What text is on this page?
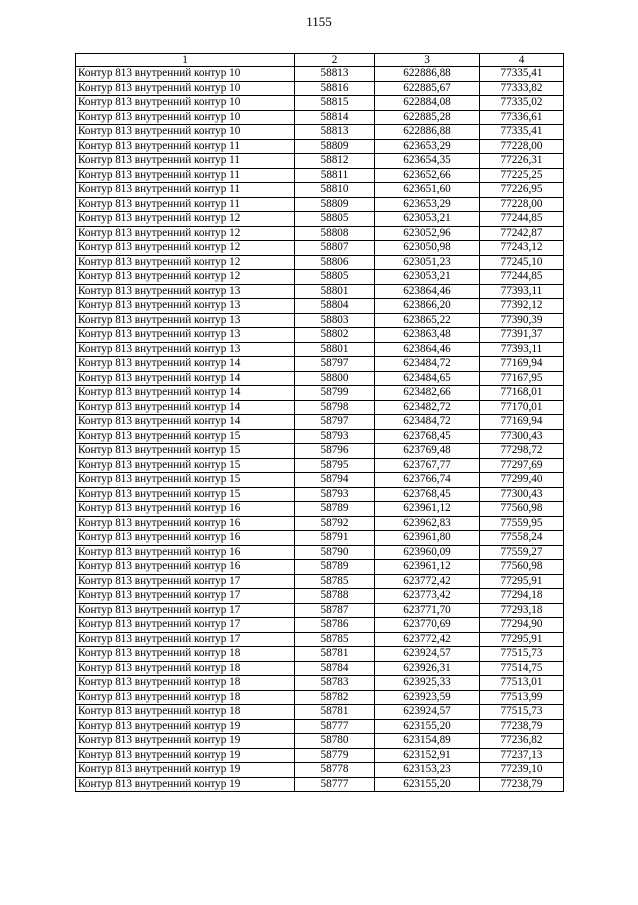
1155
1	2	3	4
Контур 813 внутренний контур 10	58813	622886,88	77335,41
Контур 813 внутренний контур 10	58816	622885,67	77333,82
Контур 813 внутренний контур 10	58815	622884,08	77335,02
Контур 813 внутренний контур 10	58814	622885,28	77336,61
Контур 813 внутренний контур 10	58813	622886,88	77335,41
Контур 813 внутренний контур 11	58809	623653,29	77228,00
Контур 813 внутренний контур 11	58812	623654,35	77226,31
Контур 813 внутренний контур 11	58811	623652,66	77225,25
Контур 813 внутренний контур 11	58810	623651,60	77226,95
Контур 813 внутренний контур 11	58809	623653,29	77228,00
Контур 813 внутренний контур 12	58805	623053,21	77244,85
Контур 813 внутренний контур 12	58808	623052,96	77242,87
Контур 813 внутренний контур 12	58807	623050,98	77243,12
Контур 813 внутренний контур 12	58806	623051,23	77245,10
Контур 813 внутренний контур 12	58805	623053,21	77244,85
Контур 813 внутренний контур 13	58801	623864,46	77393,11
Контур 813 внутренний контур 13	58804	623866,20	77392,12
Контур 813 внутренний контур 13	58803	623865,22	77390,39
Контур 813 внутренний контур 13	58802	623863,48	77391,37
Контур 813 внутренний контур 13	58801	623864,46	77393,11
Контур 813 внутренний контур 14	58797	623484,72	77169,94
Контур 813 внутренний контур 14	58800	623484,65	77167,95
Контур 813 внутренний контур 14	58799	623482,66	77168,01
Контур 813 внутренний контур 14	58798	623482,72	77170,01
Контур 813 внутренний контур 14	58797	623484,72	77169,94
Контур 813 внутренний контур 15	58793	623768,45	77300,43
Контур 813 внутренний контур 15	58796	623769,48	77298,72
Контур 813 внутренний контур 15	58795	623767,77	77297,69
Контур 813 внутренний контур 15	58794	623766,74	77299,40
Контур 813 внутренний контур 15	58793	623768,45	77300,43
Контур 813 внутренний контур 16	58789	623961,12	77560,98
Контур 813 внутренний контур 16	58792	623962,83	77559,95
Контур 813 внутренний контур 16	58791	623961,80	77558,24
Контур 813 внутренний контур 16	58790	623960,09	77559,27
Контур 813 внутренний контур 16	58789	623961,12	77560,98
Контур 813 внутренний контур 17	58785	623772,42	77295,91
Контур 813 внутренний контур 17	58788	623773,42	77294,18
Контур 813 внутренний контур 17	58787	623771,70	77293,18
Контур 813 внутренний контур 17	58786	623770,69	77294,90
Контур 813 внутренний контур 17	58785	623772,42	77295,91
Контур 813 внутренний контур 18	58781	623924,57	77515,73
Контур 813 внутренний контур 18	58784	623926,31	77514,75
Контур 813 внутренний контур 18	58783	623925,33	77513,01
Контур 813 внутренний контур 18	58782	623923,59	77513,99
Контур 813 внутренний контур 18	58781	623924,57	77515,73
Контур 813 внутренний контур 19	58777	623155,20	77238,79
Контур 813 внутренний контур 19	58780	623154,89	77236,82
Контур 813 внутренний контур 19	58779	623152,91	77237,13
Контур 813 внутренний контур 19	58778	623153,23	77239,10
Контур 813 внутренний контур 19	58777	623155,20	77238,79
